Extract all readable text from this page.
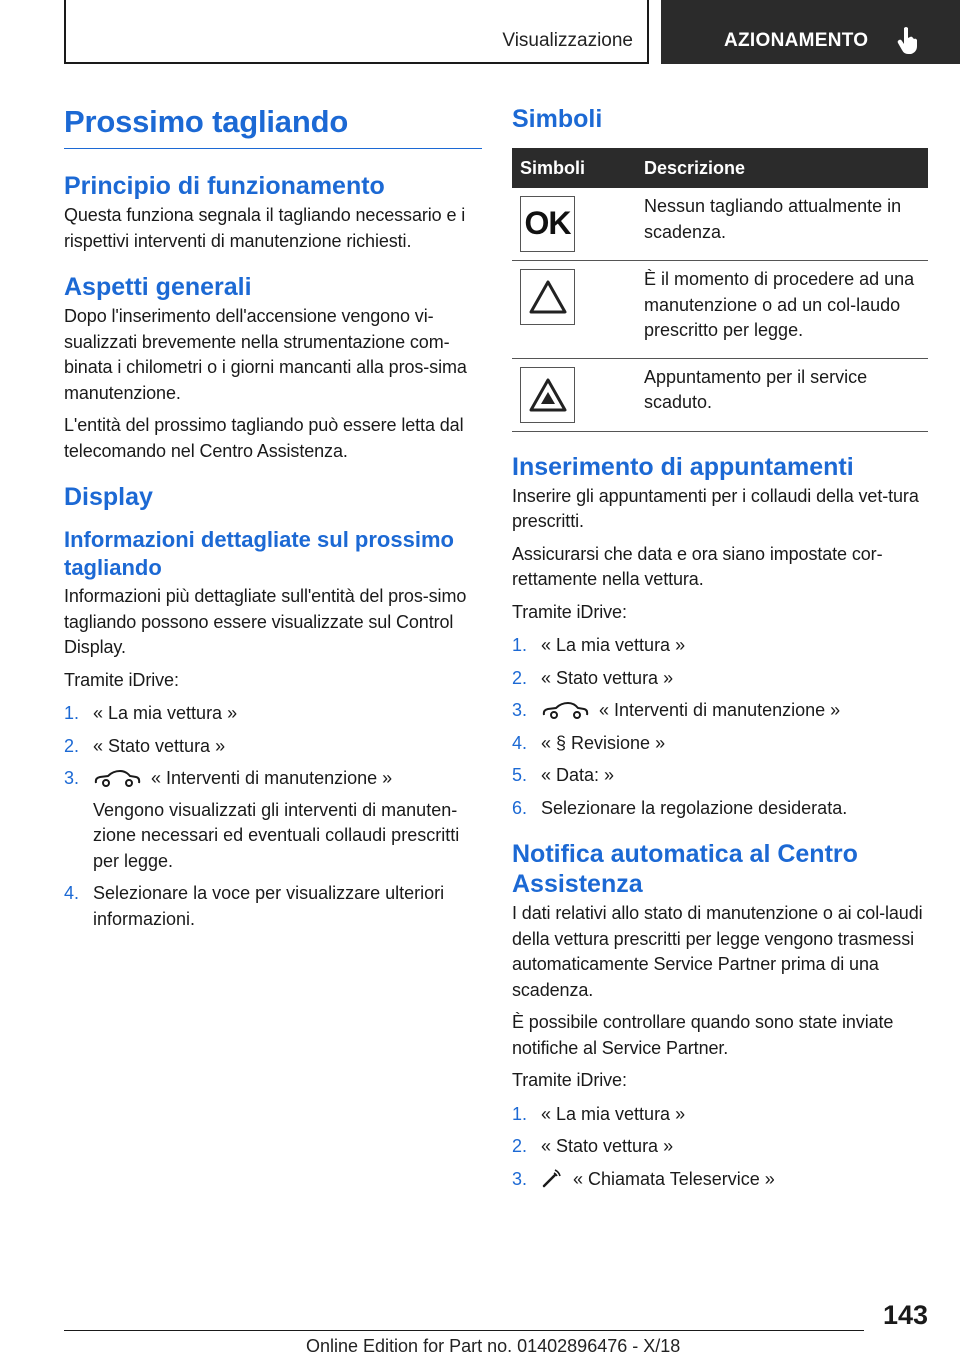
Visualizzazione	AZIONAMENTO
Prossimo tagliando
Principio di funzionamento

Questa funziona segnala il tagliando necessario e i rispettivi interventi di manutenzione richiesti.

Aspetti generali

Dopo l'inserimento dell'accensione vengono vi-sualizzati brevemente nella strumentazione com-binata i chilometri o i giorni mancanti alla pros-sima manutenzione.

L'entità del prossimo tagliando può essere letta dal telecomando nel Centro Assistenza.

Display
Informazioni dettagliate sul prossimo tagliando

Informazioni più dettagliate sull'entità del pros-simo tagliando possono essere visualizzate sul Control Display.

Tramite iDrive:

1. « La mia vettura »
2. « Stato vettura »
3.	« Interventi di manutenzione »
Vengono visualizzati gli interventi di manuten-zione necessari ed eventuali collaudi prescritti per legge.
4. Selezionare la voce per visualizzare ulteriori informazioni.
Simboli
Simboli	Descrizione

OK	Nessun tagliando attualmente in scadenza.

	È il momento di procedere ad una manutenzione o ad un col-laudo prescritto per legge.

	Appuntamento per il service scaduto.
Inserimento di appuntamenti

Inserire gli appuntamenti per i collaudi della vet-tura prescritti.

Assicurarsi che data e ora siano impostate cor-rettamente nella vettura.

Tramite iDrive:

1. « La mia vettura »
2. « Stato vettura »
3.	« Interventi di manutenzione »
4. « § Revisione »
5. « Data: »
6. Selezionare la regolazione desiderata.
Notifica automatica al Centro Assistenza

I dati relativi allo stato di manutenzione o ai col-laudi della vettura prescritti per legge vengono trasmessi automaticamente Service Partner prima di una scadenza.

È possibile controllare quando sono state inviate notifiche al Service Partner.

Tramite iDrive:

1. « La mia vettura »
2. « Stato vettura »
3.	« Chiamata Teleservice »
143
Online Edition for Part no. 01402896476 - X/18
